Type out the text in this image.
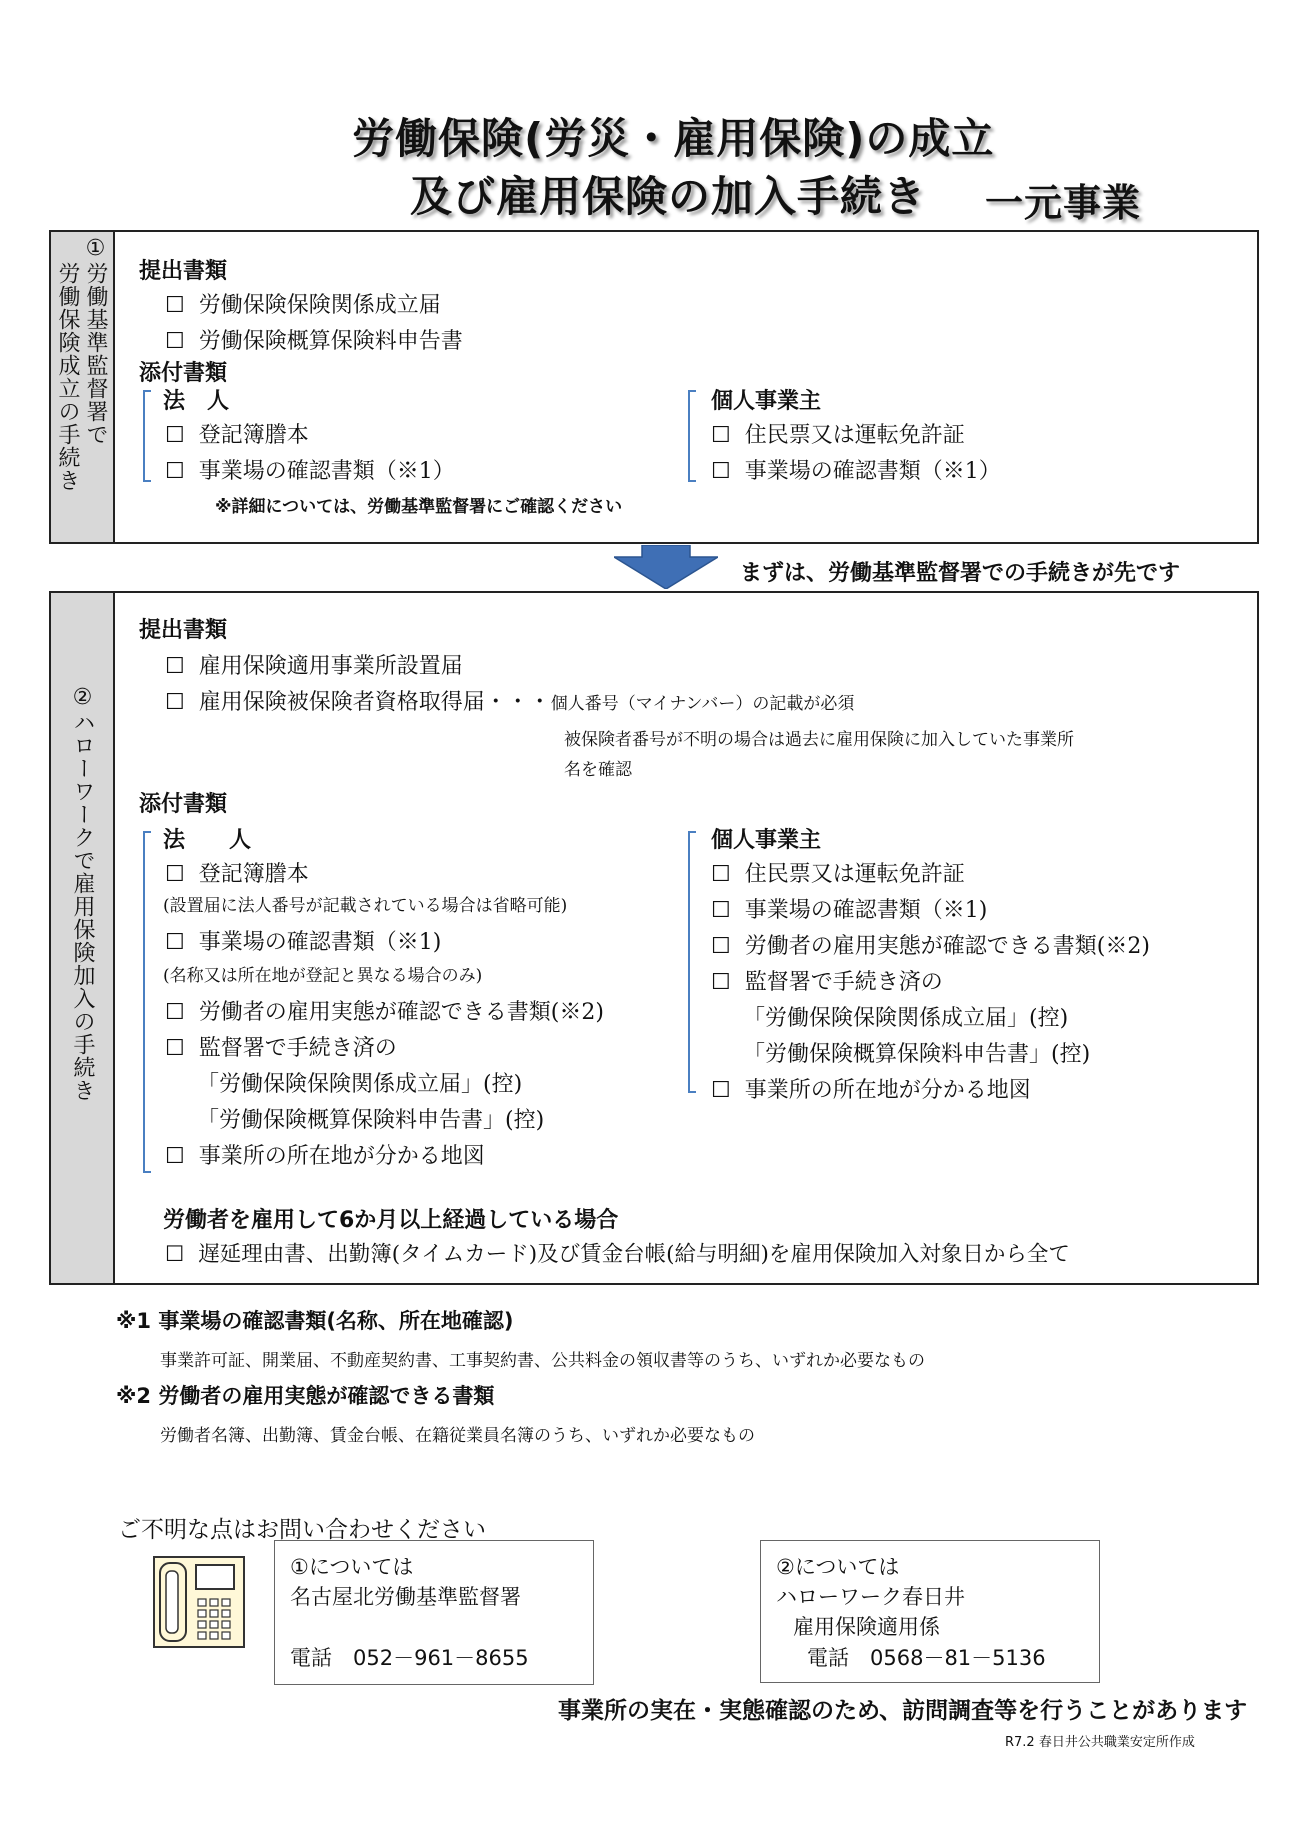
労働保険(労災・雇用保険)の成立
及び雇用保険の加入手続き 一元事業
①労働基準監督署で
労働保険成立の手続き	提出書類
☐ 労働保険保険関係成立届
☐ 労働保険概算保険料申告書
添付書類
法　人
☐ 登記簿謄本
☐ 事業場の確認書類（※1）
個人事業主
☐ 住民票又は運転免許証
☐ 事業場の確認書類（※1）
※詳細については、労働基準監督署にご確認ください
まずは、労働基準監督署での手続きが先です
②ハローワークで雇用保険加入の手続き
提出書類
☐ 雇用保険適用事業所設置届
☐ 雇用保険被保険者資格取得届・・・個人番号（マイナンバー）の記載が必須
被保険者番号が不明の場合は過去に雇用保険に加入していた事業所
名を確認
添付書類
法　　人
☐ 登記簿謄本
(設置届に法人番号が記載されている場合は省略可能)
☐ 事業場の確認書類（※1)
(名称又は所在地が登記と異なる場合のみ)
☐ 労働者の雇用実態が確認できる書類(※2)
☐ 監督署で手続き済の
「労働保険保険関係成立届」(控)
「労働保険概算保険料申告書」(控)
☐ 事業所の所在地が分かる地図
個人事業主
☐ 住民票又は運転免許証
☐ 事業場の確認書類（※1)
☐ 労働者の雇用実態が確認できる書類(※2)
☐ 監督署で手続き済の
「労働保険保険関係成立届」(控)
「労働保険概算保険料申告書」(控)
☐ 事業所の所在地が分かる地図
労働者を雇用して6か月以上経過している場合
☐ 遅延理由書、出勤簿(タイムカード)及び賃金台帳(給与明細)を雇用保険加入対象日から全て
※1 事業場の確認書類(名称、所在地確認)
事業許可証、開業届、不動産契約書、工事契約書、公共料金の領収書等のうち、いずれか必要なもの
※2 労働者の雇用実態が確認できる書類
労働者名簿、出勤簿、賃金台帳、在籍従業員名簿のうち、いずれか必要なもの
ご不明な点はお問い合わせください
①については
名古屋北労働基準監督署
電話　052－961－8655
②については
ハローワーク春日井
雇用保険適用係
電話　0568－81－5136
事業所の実在・実態確認のため、訪問調査等を行うことがあります
R7.2 春日井公共職業安定所作成
